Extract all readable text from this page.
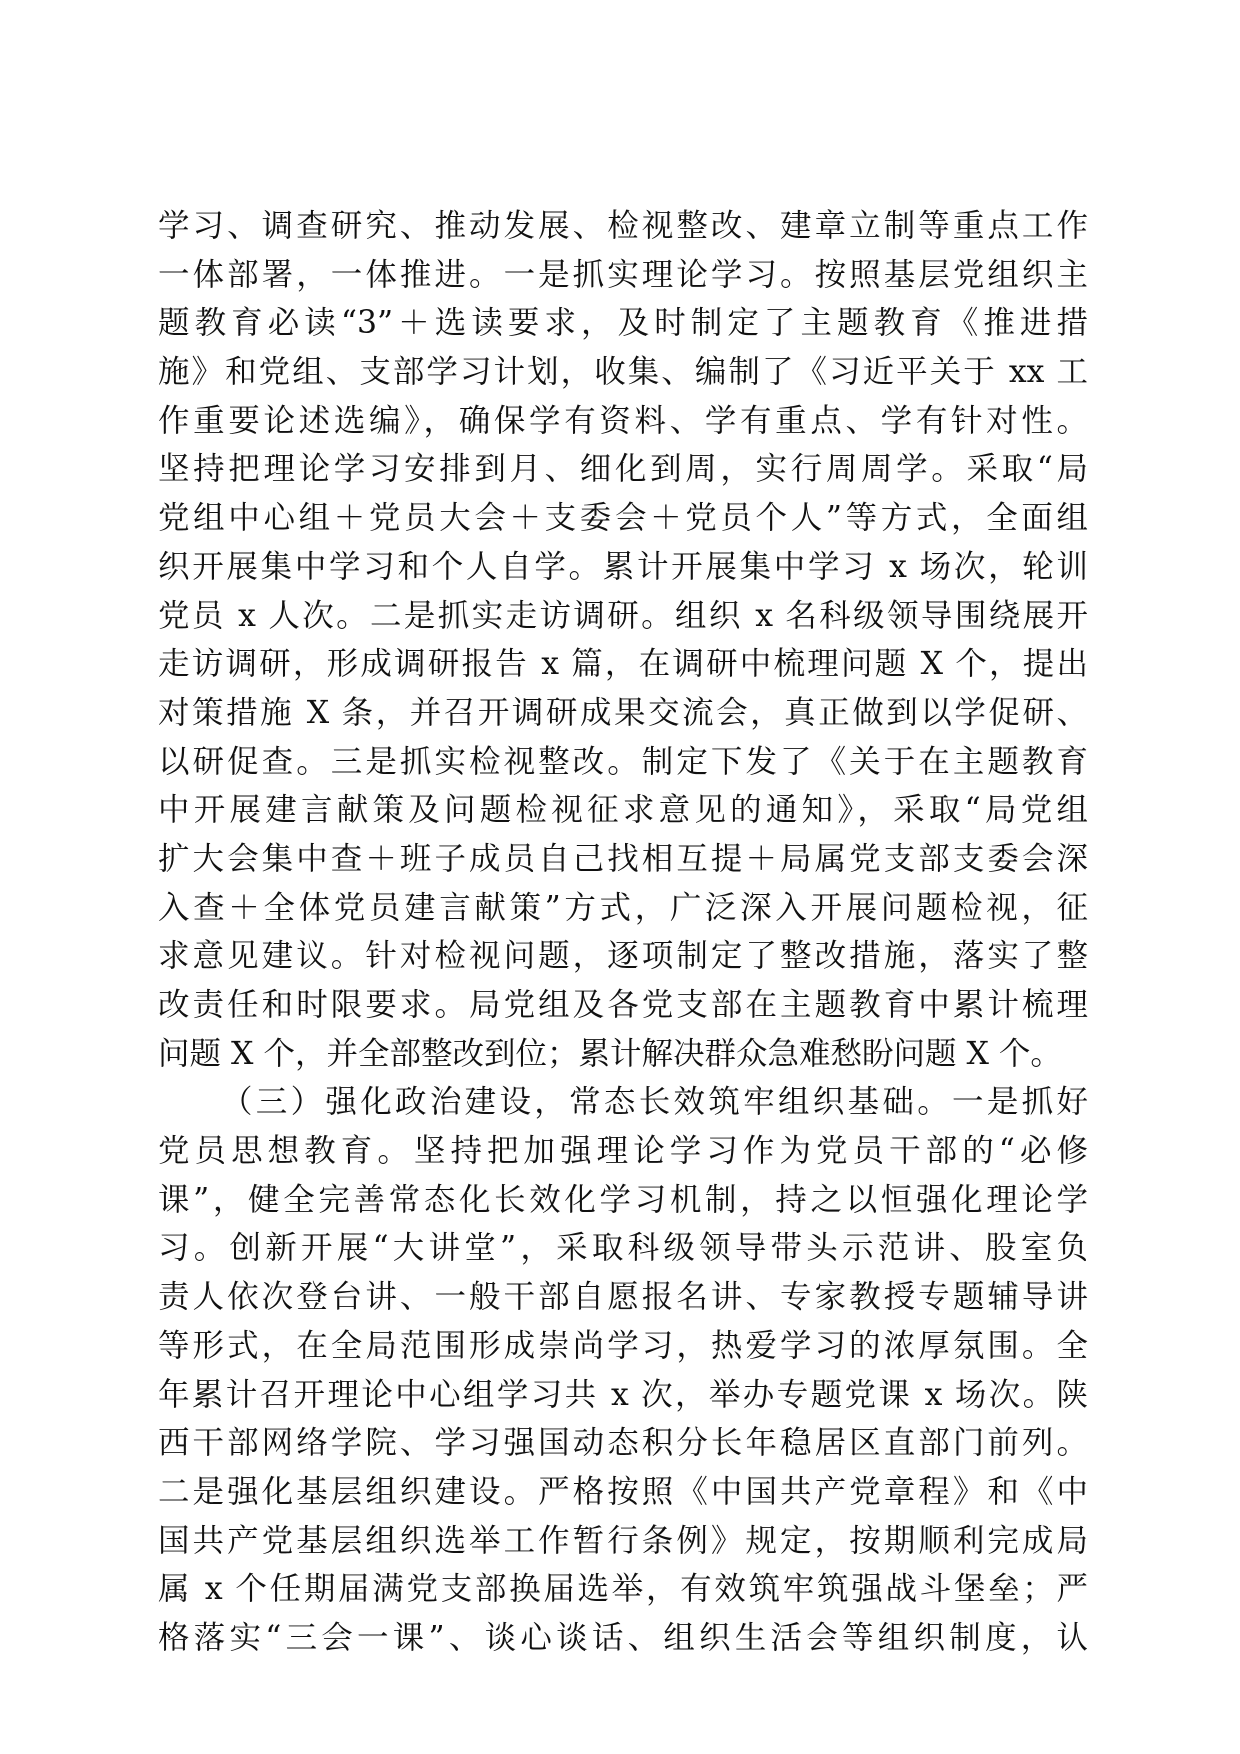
学习、调查研究、推动发展、检视整改、建章立制等重点工作
一体部署，一体推进。一是抓实理论学习。按照基层党组织主
题教育必读“3”＋选读要求，及时制定了主题教育《推进措
施》和党组、支部学习计划，收集、编制了《习近平关于 xx 工
作重要论述选编》，确保学有资料、学有重点、学有针对性。
坚持把理论学习安排到月、细化到周，实行周周学。采取“局
党组中心组＋党员大会＋支委会＋党员个人”等方式，全面组
织开展集中学习和个人自学。累计开展集中学习 x 场次，轮训
党员 x 人次。二是抓实走访调研。组织 x 名科级领导围绕展开
走访调研，形成调研报告 x 篇，在调研中梳理问题 X 个，提出
对策措施 X 条，并召开调研成果交流会，真正做到以学促研、
以研促查。三是抓实检视整改。制定下发了《关于在主题教育
中开展建言献策及问题检视征求意见的通知》，采取“局党组
扩大会集中查＋班子成员自己找相互提＋局属党支部支委会深
入查＋全体党员建言献策”方式，广泛深入开展问题检视，征
求意见建议。针对检视问题，逐项制定了整改措施，落实了整
改责任和时限要求。局党组及各党支部在主题教育中累计梳理
问题 X 个，并全部整改到位；累计解决群众急难愁盼问题 X 个。
（三）强化政治建设，常态长效筑牢组织基础。一是抓好
党员思想教育。坚持把加强理论学习作为党员干部的“必修
课”，健全完善常态化长效化学习机制，持之以恒强化理论学
习。创新开展“大讲堂”，采取科级领导带头示范讲、股室负
责人依次登台讲、一般干部自愿报名讲、专家教授专题辅导讲
等形式，在全局范围形成崇尚学习，热爱学习的浓厚氛围。全
年累计召开理论中心组学习共 x 次，举办专题党课 x 场次。陕
西干部网络学院、学习强国动态积分长年稳居区直部门前列。
二是强化基层组织建设。严格按照《中国共产党章程》和《中
国共产党基层组织选举工作暂行条例》规定，按期顺利完成局
属 x 个任期届满党支部换届选举，有效筑牢筑强战斗堡垒；严
格落实“三会一课”、谈心谈话、组织生活会等组织制度，认
